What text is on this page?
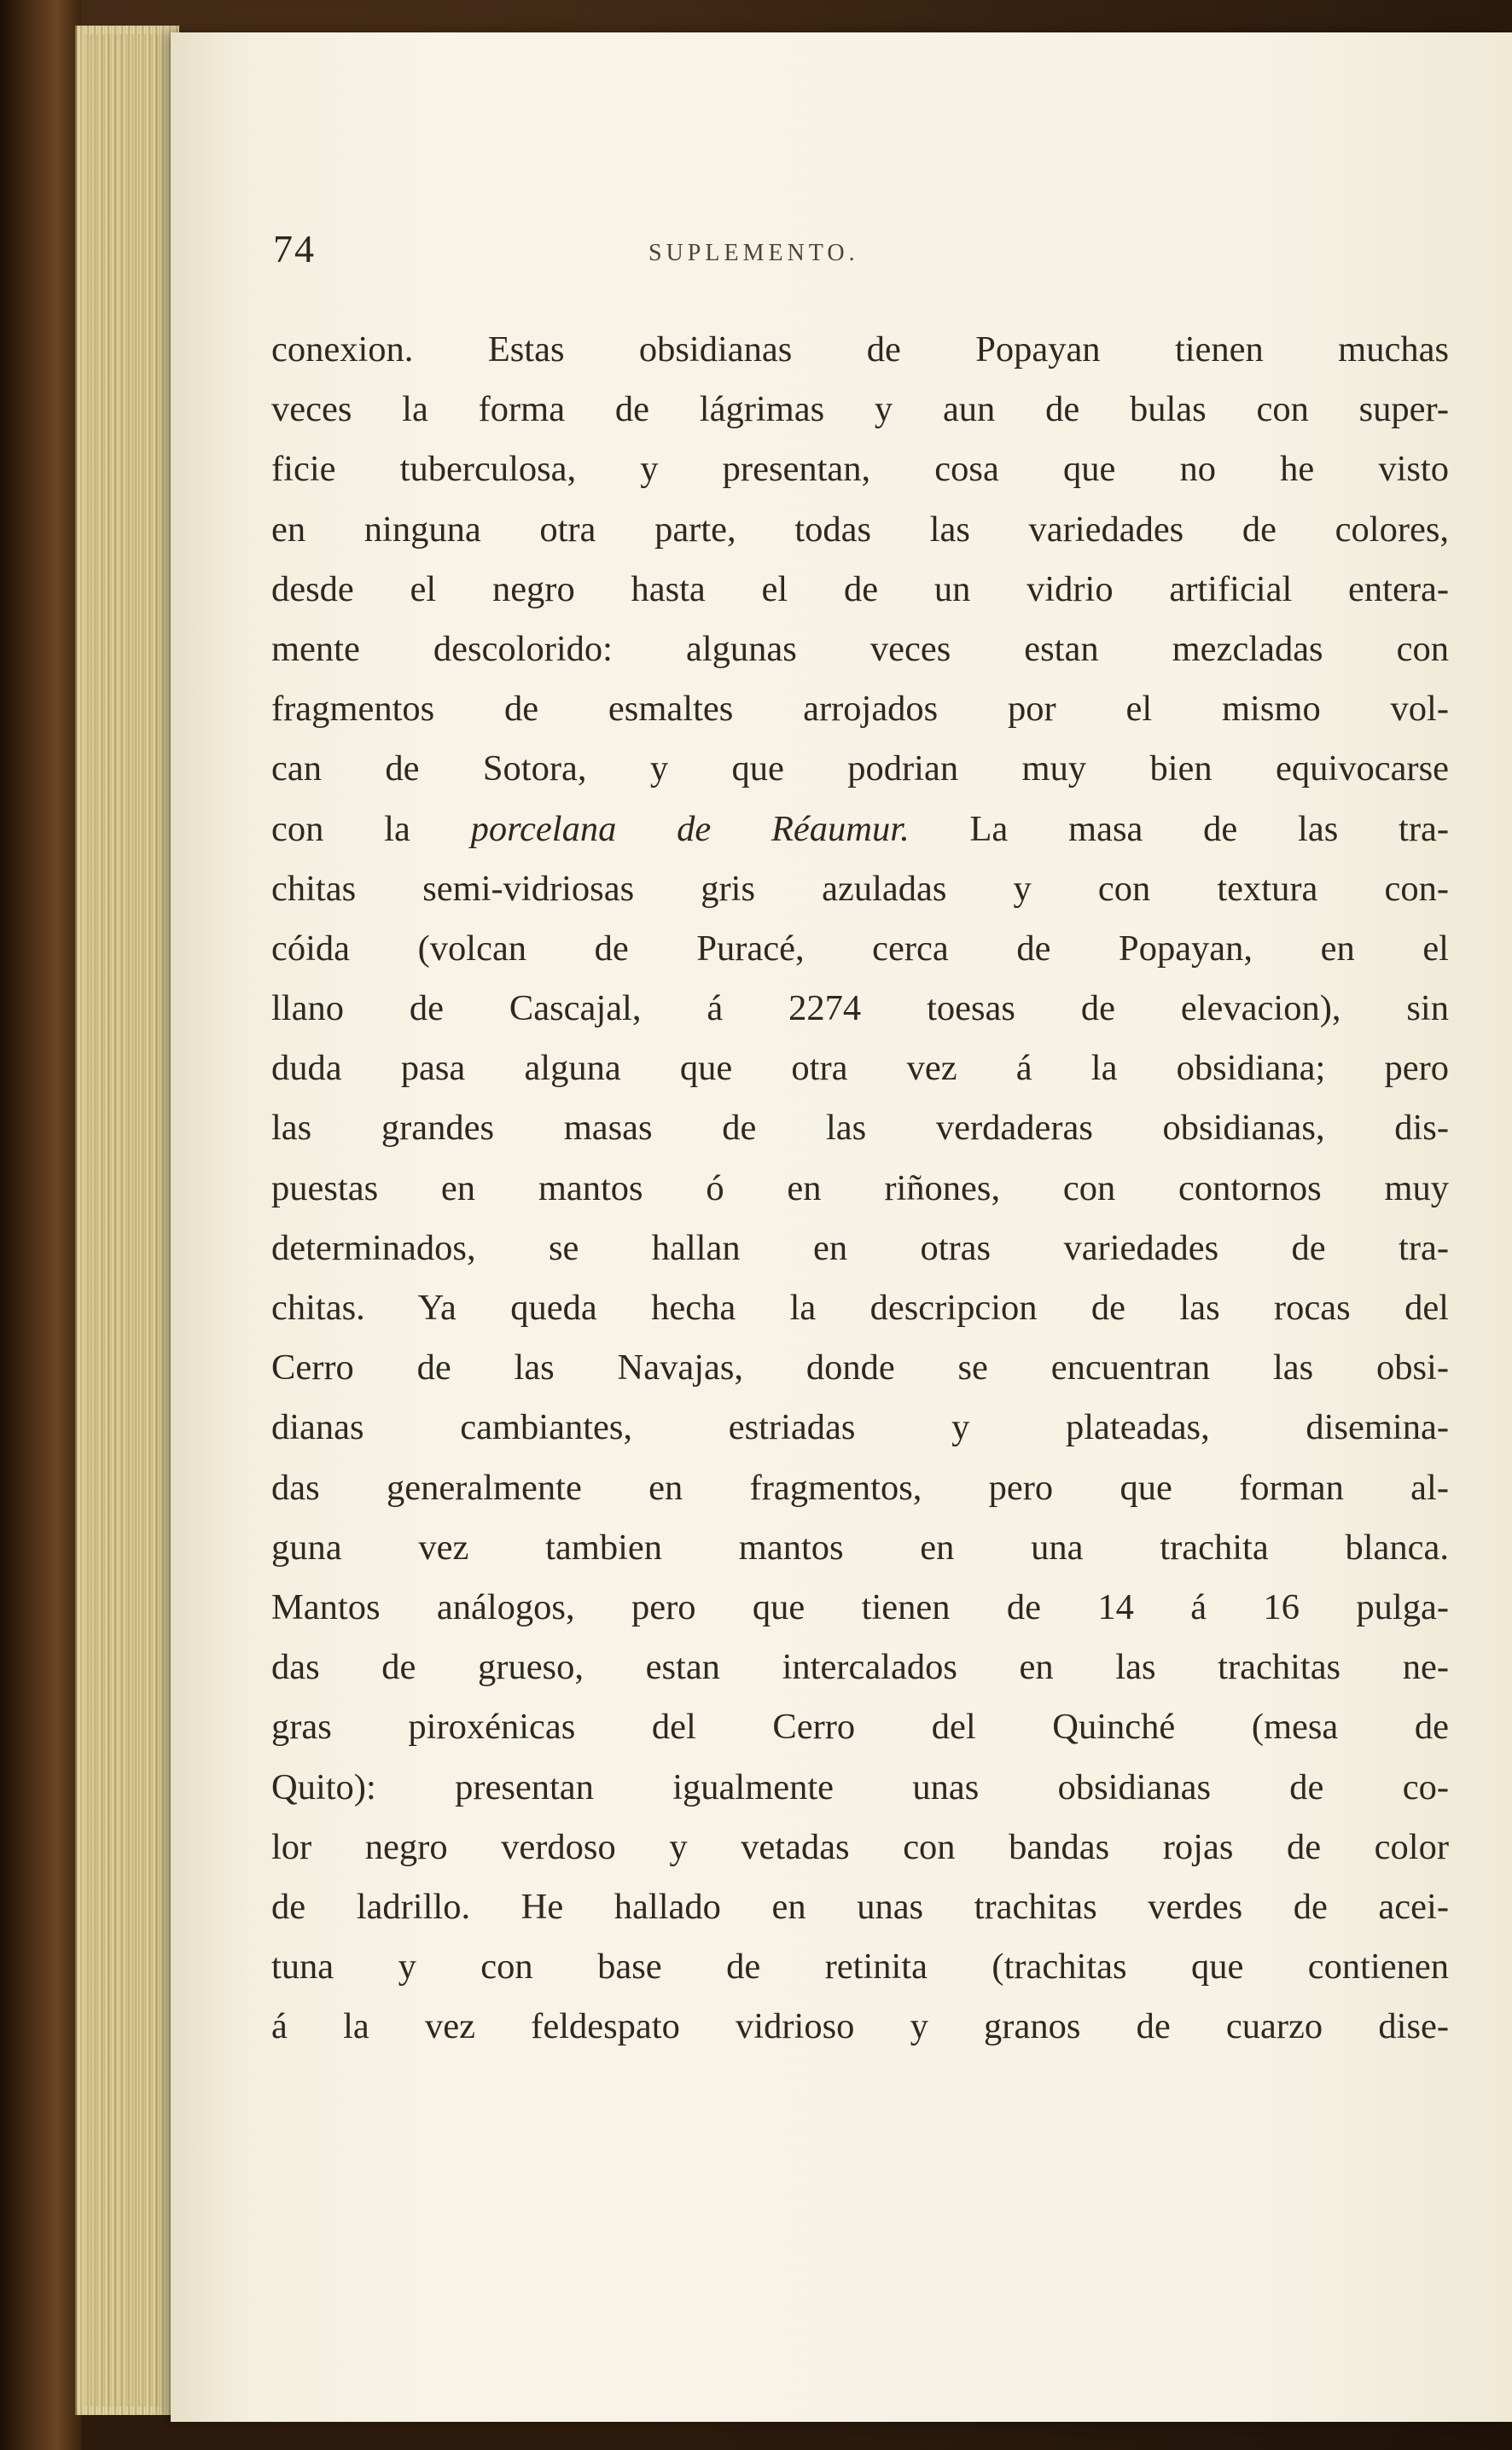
74	SUPLEMENTO.
conexion. Estas obsidianas de Popayan tienen muchas
veces la forma de lágrimas y aun de bulas con super-
ficie tuberculosa, y presentan, cosa que no he visto
en ninguna otra parte, todas las variedades de colores,
desde el negro hasta el de un vidrio artificial entera-
mente descolorido: algunas veces estan mezcladas con
fragmentos de esmaltes arrojados por el mismo vol-
can de Sotora, y que podrian muy bien equivocarse
con la porcelana de Réaumur. La masa de las tra-
chitas semi-vidriosas gris azuladas y con textura con-
cóida (volcan de Puracé, cerca de Popayan, en el
llano de Cascajal, á 2274 toesas de elevacion), sin
duda pasa alguna que otra vez á la obsidiana; pero
las grandes masas de las verdaderas obsidianas, dis-
puestas en mantos ó en riñones, con contornos muy
determinados, se hallan en otras variedades de tra-
chitas. Ya queda hecha la descripcion de las rocas del
Cerro de las Navajas, donde se encuentran las obsi-
dianas cambiantes, estriadas y plateadas, disemina-
das generalmente en fragmentos, pero que forman al-
guna vez tambien mantos en una trachita blanca.
Mantos análogos, pero que tienen de 14 á 16 pulga-
das de grueso, estan intercalados en las trachitas ne-
gras piroxénicas del Cerro del Quinché (mesa de
Quito): presentan igualmente unas obsidianas de co-
lor negro verdoso y vetadas con bandas rojas de color
de ladrillo. He hallado en unas trachitas verdes de acei-
tuna y con base de retinita (trachitas que contienen
á la vez feldespato vidrioso y granos de cuarzo dise-
